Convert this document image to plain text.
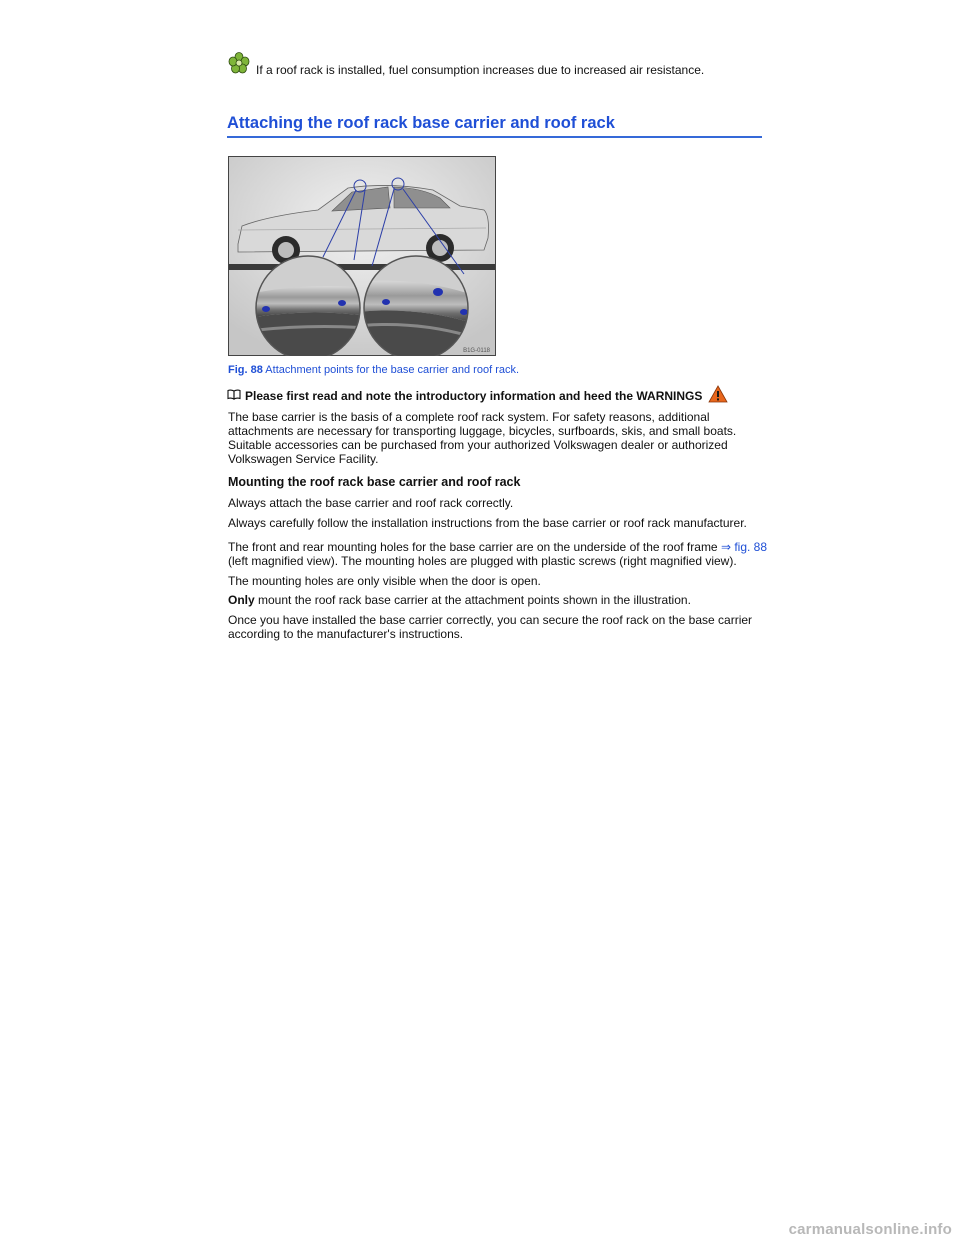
If a roof rack is installed, fuel consumption increases due to increased air resistance.
Attaching the roof rack base carrier and roof rack
B1G-0118
Fig. 88 Attachment points for the base carrier and roof rack.
Please first read and note the introductory information and heed the WARNINGS

The base carrier is the basis of a complete roof rack system. For safety reasons, additional attachments are necessary for transporting luggage, bicycles, surfboards, skis, and small boats. Suitable accessories can be purchased from your authorized Volkswagen dealer or authorized Volkswagen Service Facility.

Mounting the roof rack base carrier and roof rack

Always attach the base carrier and roof rack correctly.

Always carefully follow the installation instructions from the base carrier or roof rack manufacturer.

The front and rear mounting holes for the base carrier are on the underside of the roof frame ⇒ fig. 88 (left magnified view). The mounting holes are plugged with plastic screws (right magnified view).

The mounting holes are only visible when the door is open.

Only mount the roof rack base carrier at the attachment points shown in the illustration.

Once you have installed the base carrier correctly, you can secure the roof rack on the base carrier according to the manufacturer's instructions.

carmanualsonline.info
